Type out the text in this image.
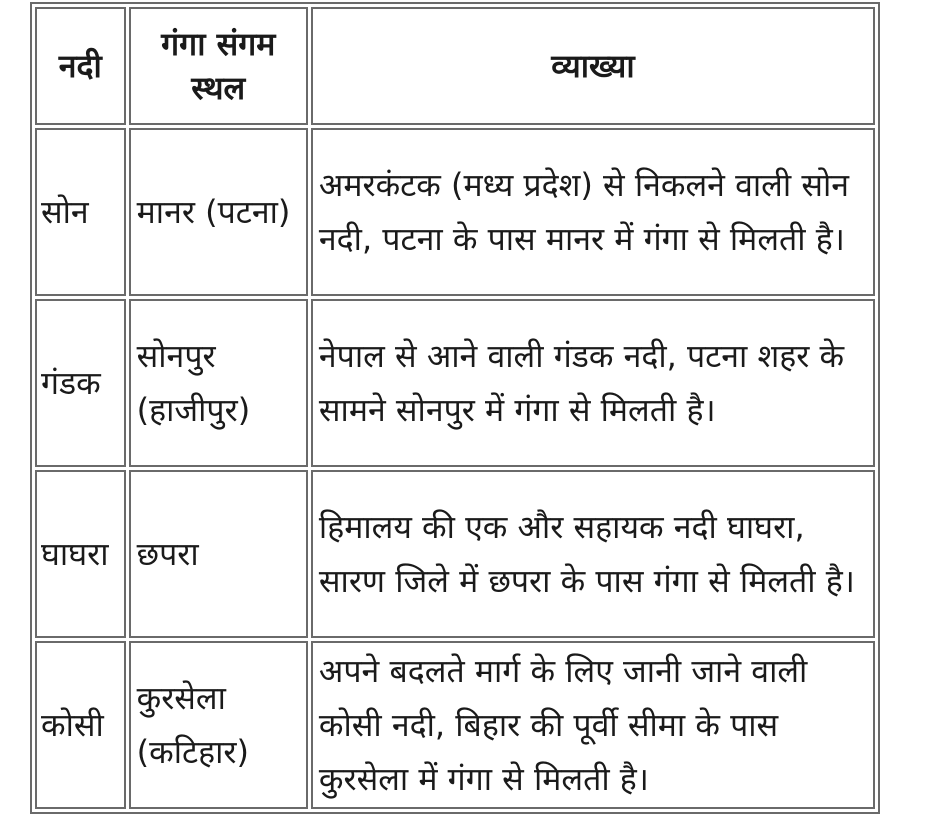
नदी	गंगा संगम स्थल	व्याख्या
सोन	मानर (पटना)	अमरकंटक (मध्य प्रदेश) से निकलने वाली सोन नदी, पटना के पास मानर में गंगा से मिलती है।
गंडक	सोनपुर (हाजीपुर)	नेपाल से आने वाली गंडक नदी, पटना शहर के सामने सोनपुर में गंगा से मिलती है।
घाघरा	छपरा	हिमालय की एक और सहायक नदी घाघरा, सारण जिले में छपरा के पास गंगा से मिलती है।
कोसी	कुरसेला (कटिहार)	अपने बदलते मार्ग के लिए जानी जाने वाली कोसी नदी, बिहार की पूर्वी सीमा के पास कुरसेला में गंगा से मिलती है।
